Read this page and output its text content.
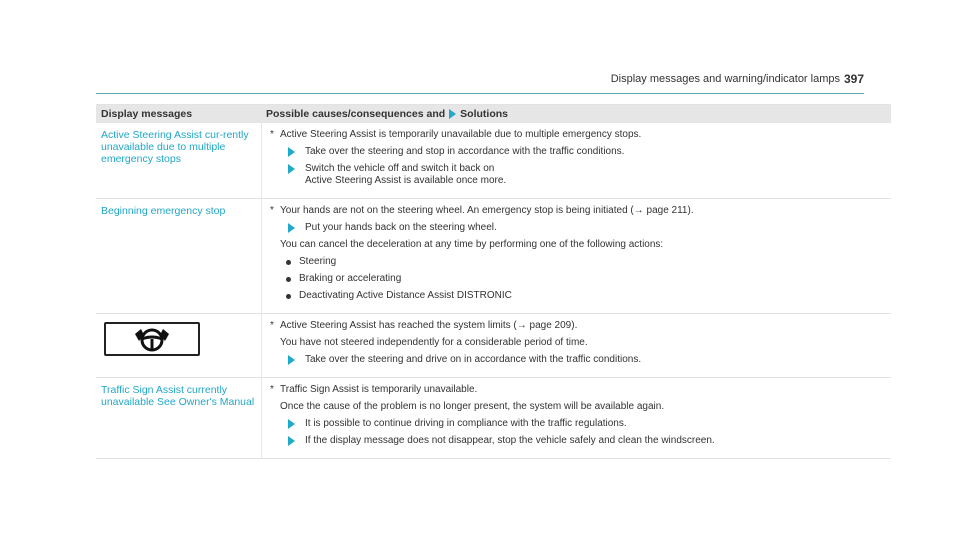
Display messages and warning/indicator lamps 397
Display messages	Possible causes/consequences and Solutions
Active Steering Assist cur-rently unavailable due to multiple emergency stops
* Active Steering Assist is temporarily unavailable due to multiple emergency stops.
Take over the steering and stop in accordance with the traffic conditions.
Switch the vehicle off and switch it back on
Active Steering Assist is available once more.
Beginning emergency stop	* Your hands are not on the steering wheel. An emergency stop is being initiated (→ page 211).
Put your hands back on the steering wheel.
You can cancel the deceleration at any time by performing one of the following actions:
Steering
Braking or accelerating
Deactivating Active Distance Assist DISTRONIC
* Active Steering Assist has reached the system limits (→ page 209).
You have not steered independently for a considerable period of time.
Take over the steering and drive on in accordance with the traffic conditions.
Traffic Sign Assist currently unavailable See Owner's Manual
* Traffic Sign Assist is temporarily unavailable.
Once the cause of the problem is no longer present, the system will be available again.
It is possible to continue driving in compliance with the traffic regulations.
If the display message does not disappear, stop the vehicle safely and clean the windscreen.
